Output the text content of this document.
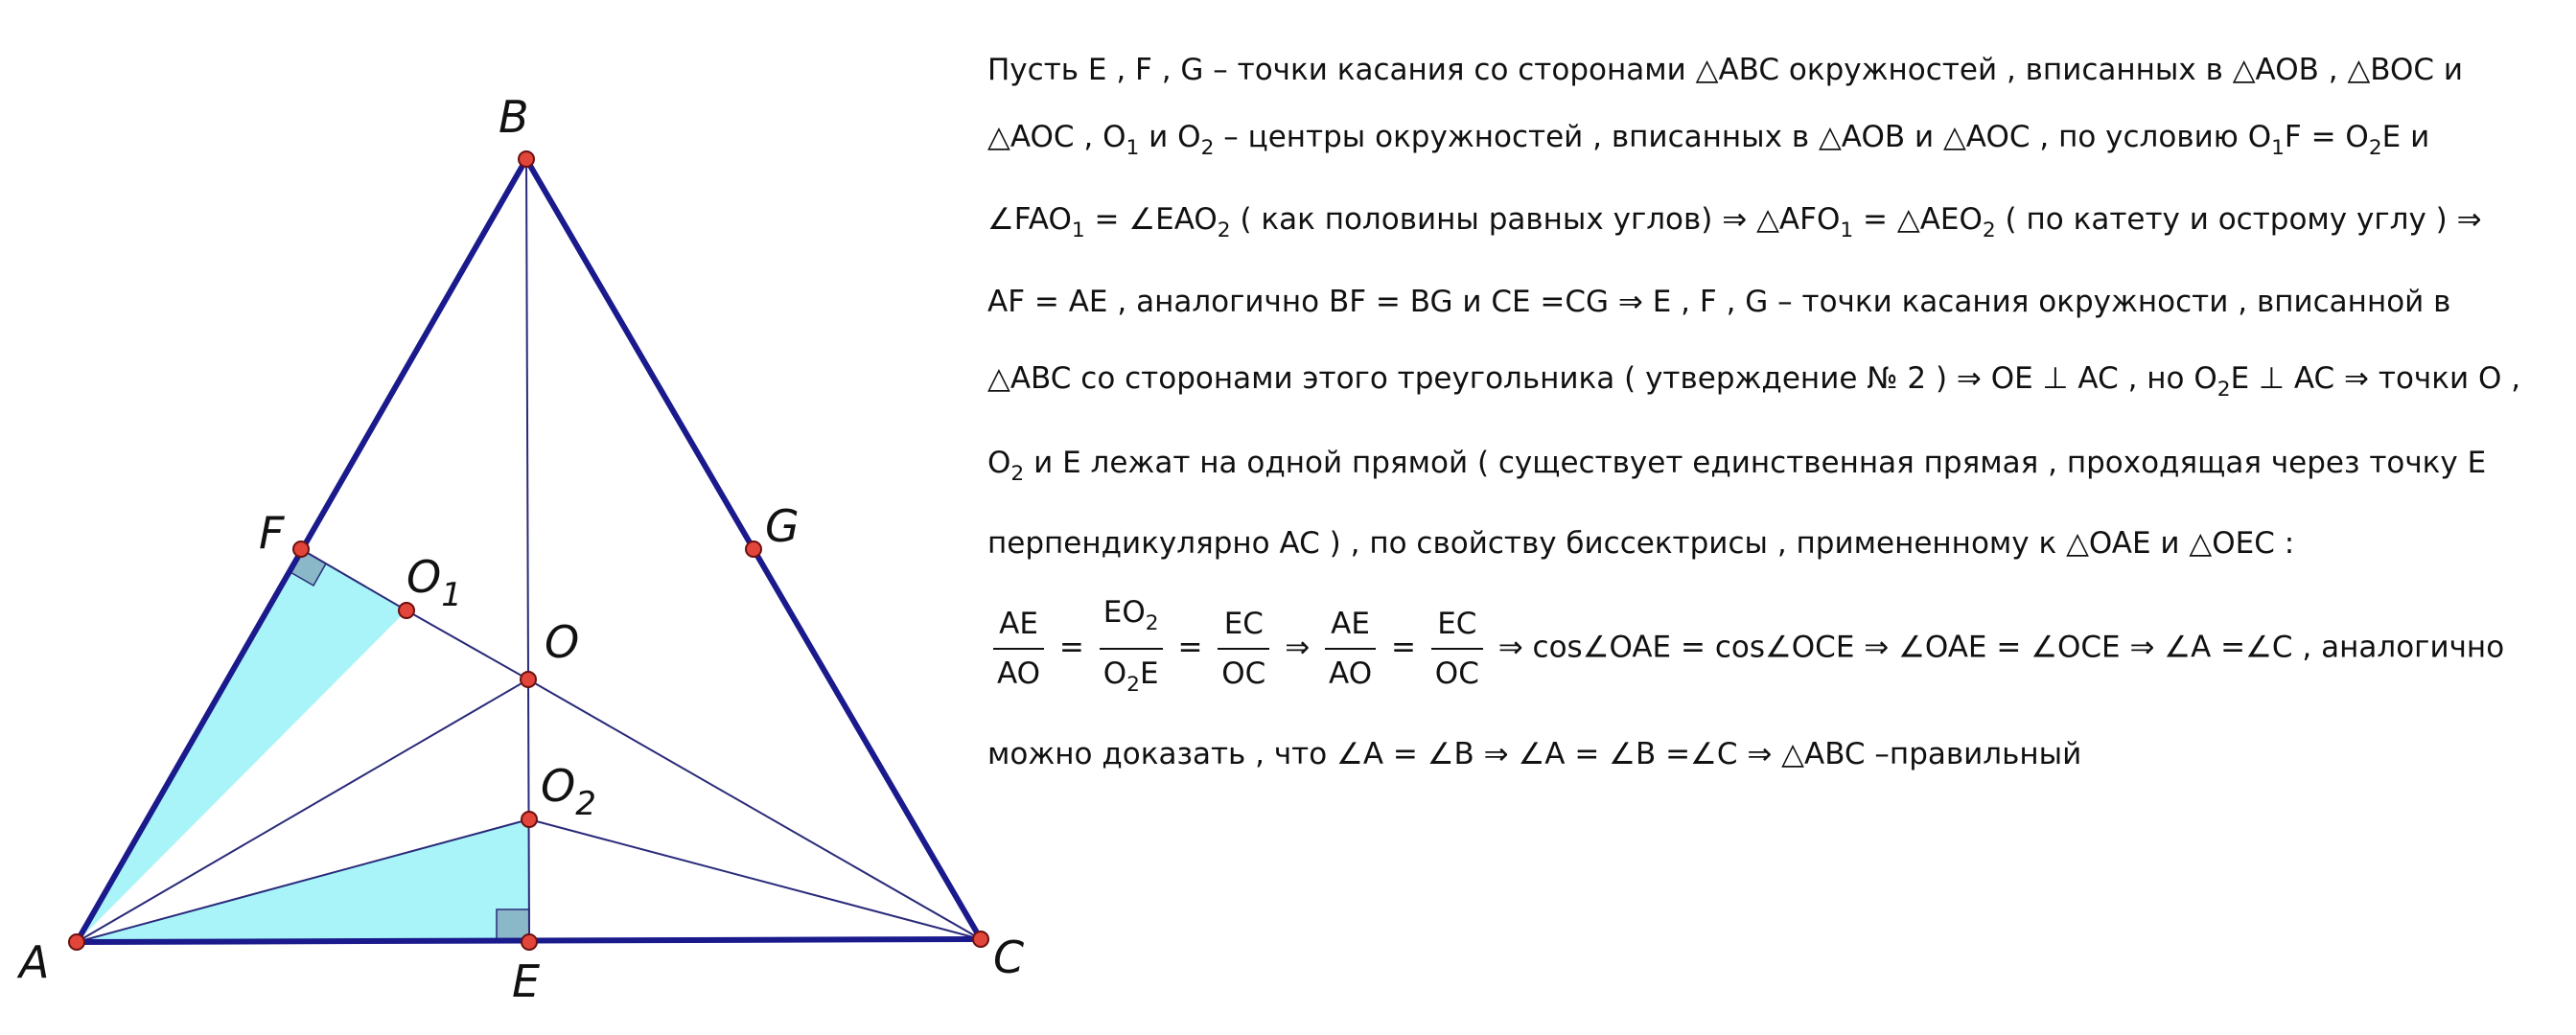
A
B
C
E
F	G
O
$O_1$
$O_2$
Пусть E , F , G – точки касания со сторонами △ABC окружностей , вписанных в △AOB , △BOC и
△AOC , $O_1$ и $O_2$ – центры окружностей , вписанных в △AOB и △AOC , по условию $O_1F = O_2E$ и
$\angle FAO_1$ = $\angle EAO_2$ ( как половины равных углов) ⇒ $\triangle AFO_1$ = $\triangle AEO_2$ ( по катету и острому углу ) ⇒
AF = AE , аналогично BF = BG и CE =CG ⇒ E , F , G – точки касания окружности , вписанной в
△ABC со сторонами этого треугольника ( утверждение № 2 ) ⇒ OE ⊥ AC , но $O_2E$ ⊥ AC ⇒ точки O ,
$O_2$ и E лежат на одной прямой ( существует единственная прямая , проходящая через точку E
перпендикулярно AC ) , по свойству биссектрисы , примененному к △OAE и △OEC :
$\frac{AE}{AO} = \frac{EO_2}{O_2E} = \frac{EC}{OC}$ ⇒ $\frac{AE}{AO} = \frac{EC}{OC}$ ⇒ cos∠OAE = cos∠OCE ⇒ ∠OAE = ∠OCE ⇒ ∠A =∠C , аналогично
можно доказать , что ∠A = ∠B ⇒ ∠A = ∠B =∠C ⇒ △ABC –правильный
